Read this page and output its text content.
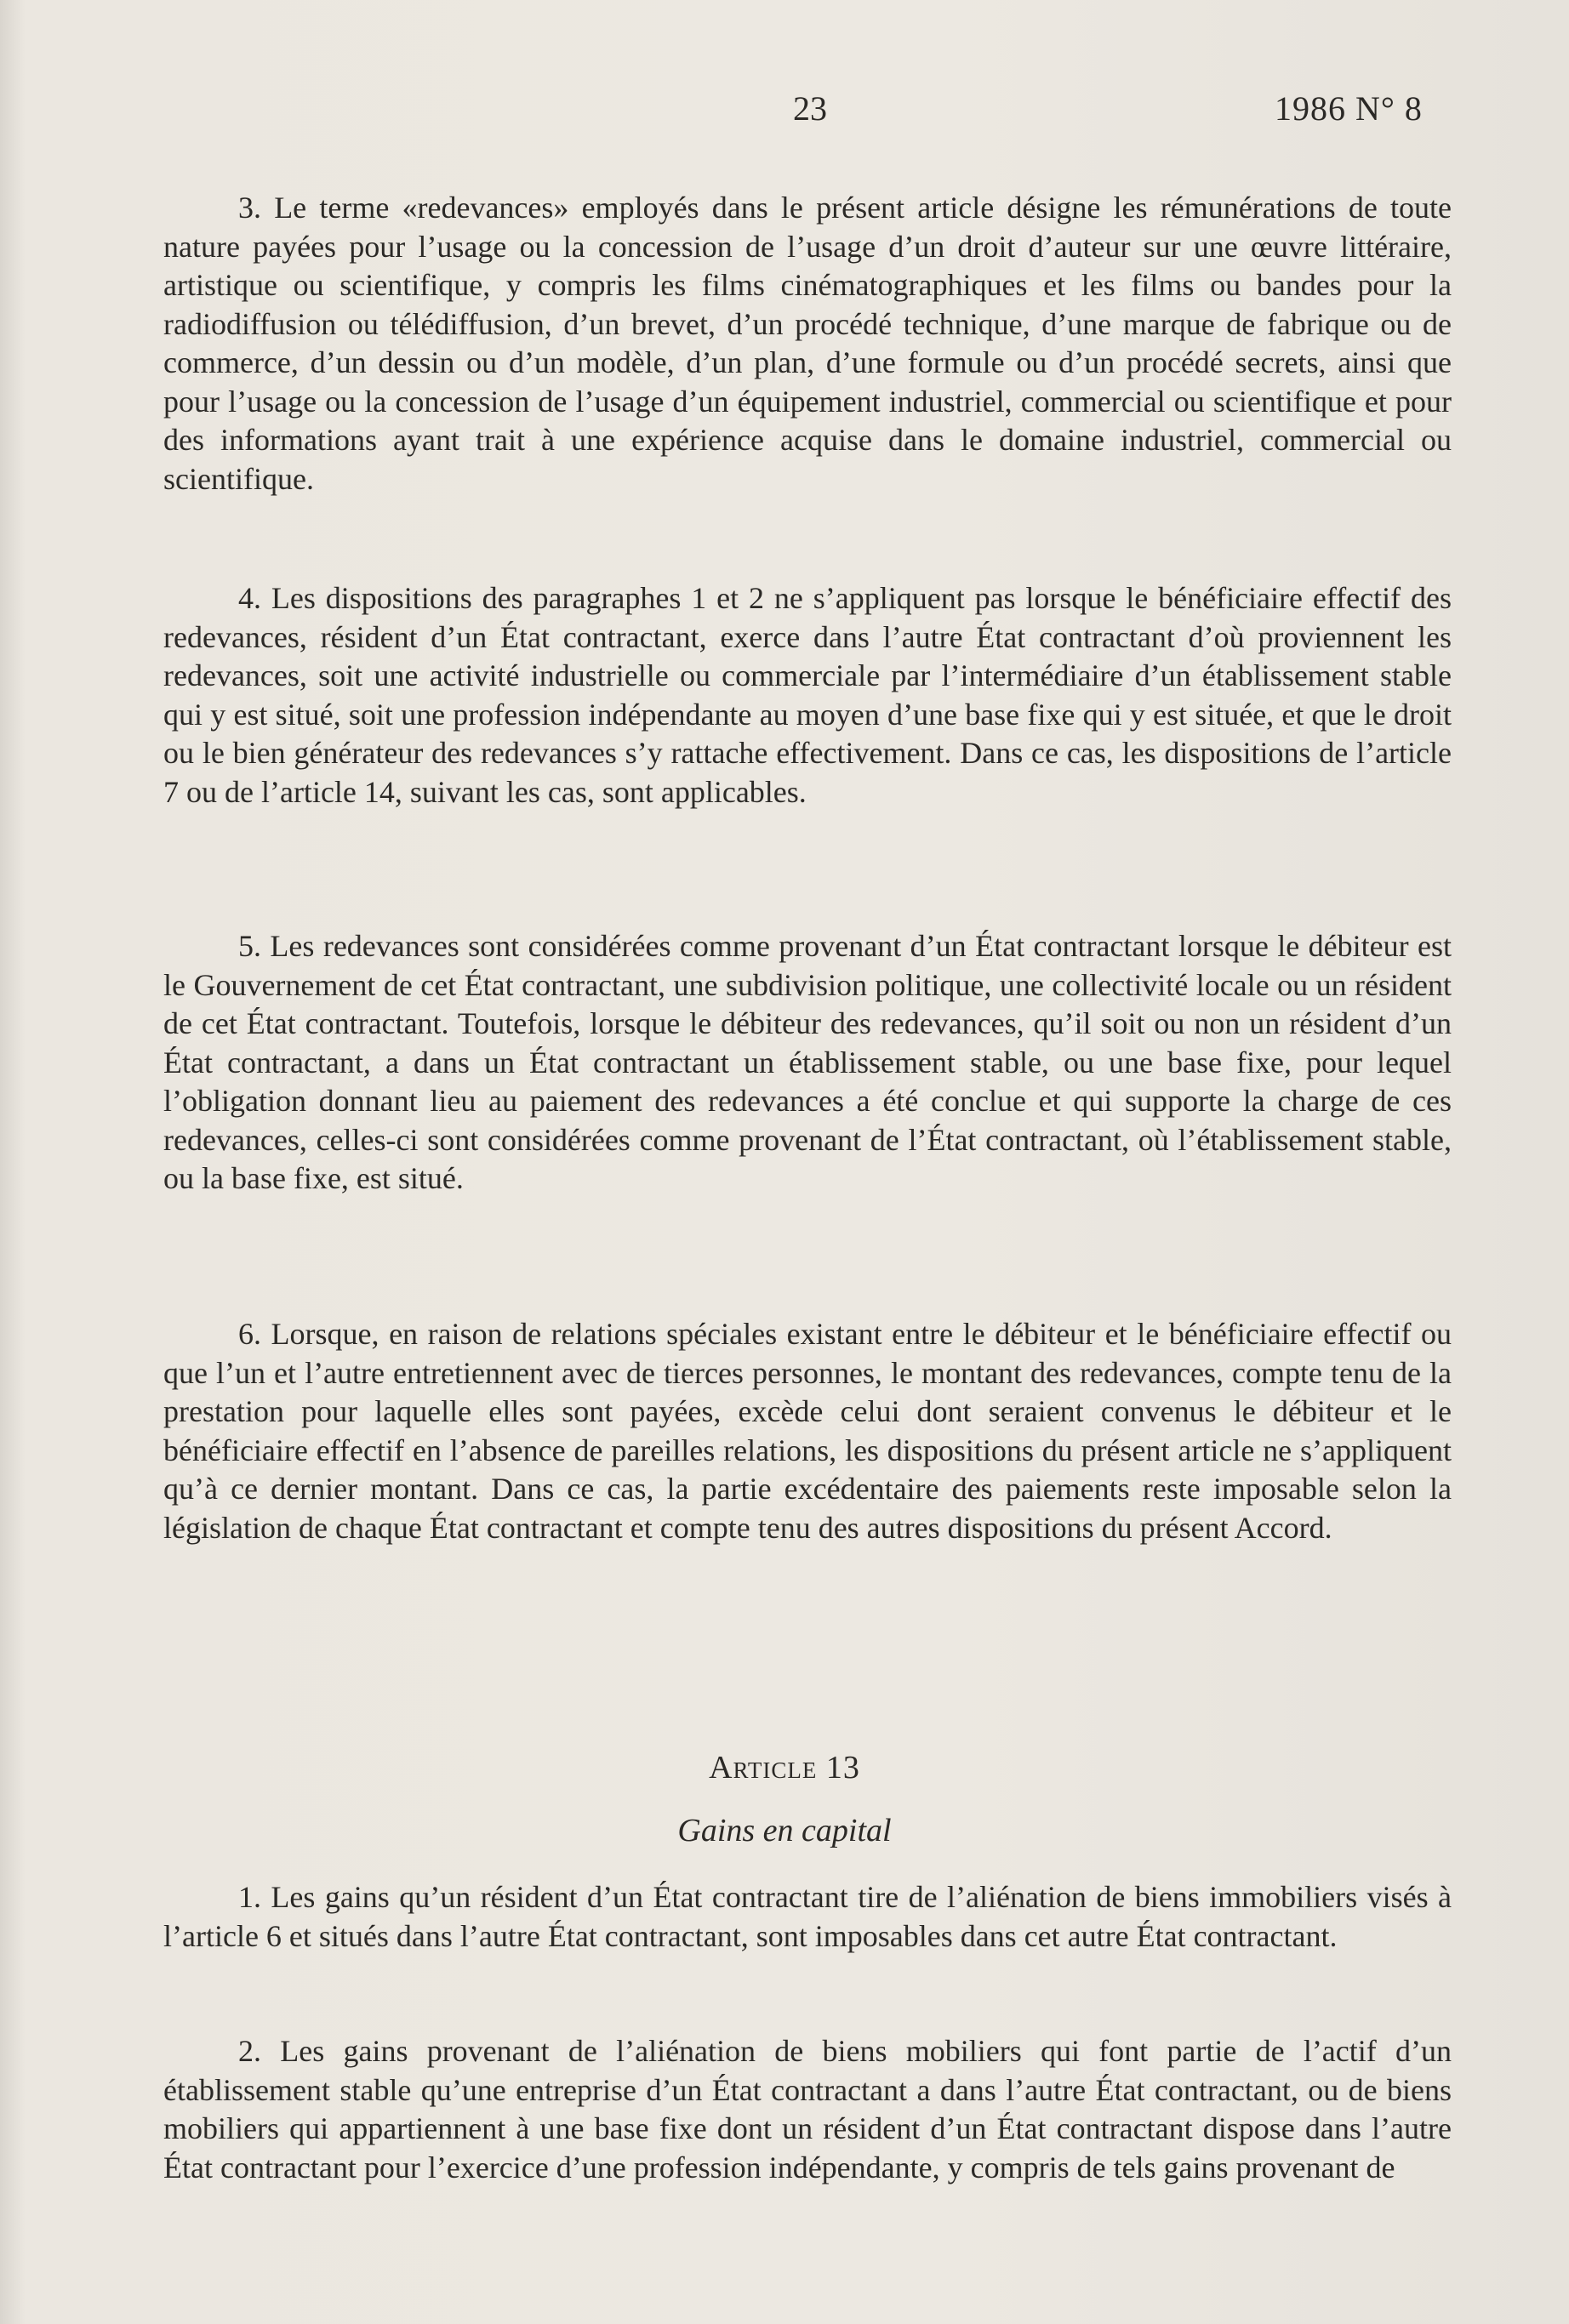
23	1986 N° 8

3. Le terme «redevances» employés dans le présent article désigne les rémunérations de toute nature payées pour l’usage ou la concession de l’usage d’un droit d’auteur sur une œuvre littéraire, artistique ou scientifique, y compris les films cinématographiques et les films ou bandes pour la radiodiffusion ou télédiffusion, d’un brevet, d’un procédé technique, d’une marque de fabrique ou de commerce, d’un dessin ou d’un modèle, d’un plan, d’une formule ou d’un procédé secrets, ainsi que pour l’usage ou la concession de l’usage d’un équipement industriel, commercial ou scientifique et pour des informations ayant trait à une expérience acquise dans le domaine industriel, commercial ou scientifique.

4. Les dispositions des paragraphes 1 et 2 ne s’appliquent pas lorsque le bénéficiaire effectif des redevances, résident d’un État contractant, exerce dans l’autre État contractant d’où proviennent les redevances, soit une activité industrielle ou commerciale par l’intermédiaire d’un établissement stable qui y est situé, soit une profession indépendante au moyen d’une base fixe qui y est située, et que le droit ou le bien générateur des redevances s’y rattache effectivement. Dans ce cas, les dispositions de l’article 7 ou de l’article 14, suivant les cas, sont applicables.

5. Les redevances sont considérées comme provenant d’un État contractant lorsque le débiteur est le Gouvernement de cet État contractant, une subdivision politique, une collectivité locale ou un résident de cet État contractant. Toutefois, lorsque le débiteur des redevances, qu’il soit ou non un résident d’un État contractant, a dans un État contractant un établissement stable, ou une base fixe, pour lequel l’obligation donnant lieu au paiement des redevances a été conclue et qui supporte la charge de ces redevances, celles-ci sont considérées comme provenant de l’État contractant, où l’établissement stable, ou la base fixe, est situé.

6. Lorsque, en raison de relations spéciales existant entre le débiteur et le bénéficiaire effectif ou que l’un et l’autre entretiennent avec de tierces personnes, le montant des redevances, compte tenu de la prestation pour laquelle elles sont payées, excède celui dont seraient convenus le débiteur et le bénéficiaire effectif en l’absence de pareilles relations, les dispositions du présent article ne s’appliquent qu’à ce dernier montant. Dans ce cas, la partie excédentaire des paiements reste imposable selon la législation de chaque État contractant et compte tenu des autres dispositions du présent Accord.

Article 13
Gains en capital

1. Les gains qu’un résident d’un État contractant tire de l’aliénation de biens immobiliers visés à l’article 6 et situés dans l’autre État contractant, sont imposables dans cet autre État contractant.

2. Les gains provenant de l’aliénation de biens mobiliers qui font partie de l’actif d’un établissement stable qu’une entreprise d’un État contractant a dans l’autre État contractant, ou de biens mobiliers qui appartiennent à une base fixe dont un résident d’un État contractant dispose dans l’autre État contractant pour l’exercice d’une profession indépendante, y compris de tels gains provenant de
